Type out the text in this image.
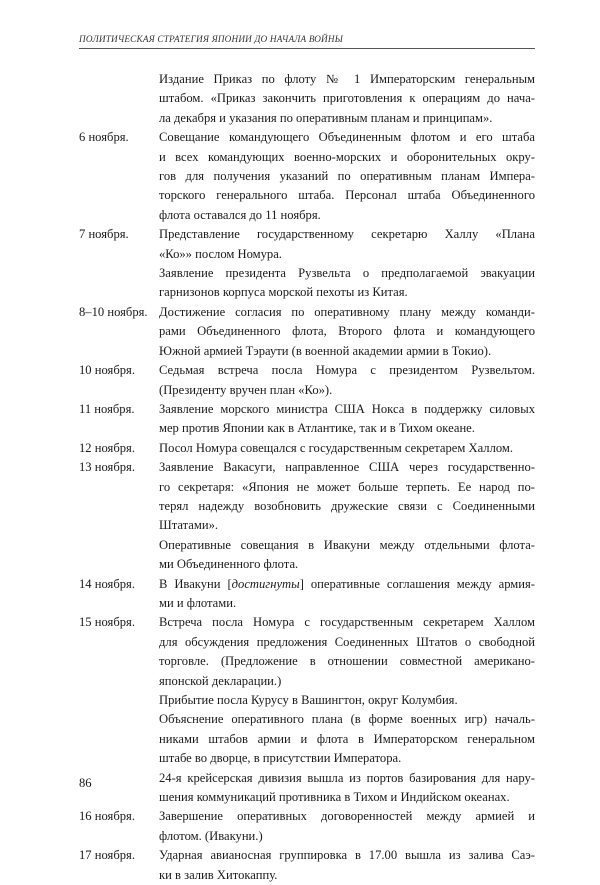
ПОЛИТИЧЕСКАЯ СТРАТЕГИЯ ЯПОНИИ ДО НАЧАЛА ВОЙНЫ
Издание Приказ по флоту № 1 Императорским генеральным
штабом. «Приказ закончить приготовления к операциям до нача-
ла декабря и указания по оперативным планам и принципам».
6 ноября.	Совещание командующего Объединенным флотом и его штаба
и всех командующих военно-морских и оборонительных окру-
гов для получения указаний по оперативным планам Импера-
торского генерального штаба. Персонал штаба Объединенного
флота оставался до 11 ноября.
7 ноября.	Представление государственному секретарю Халлу «Плана
«Ко»» послом Номура.
Заявление президента Рузвельта о предполагаемой эвакуации
гарнизонов корпуса морской пехоты из Китая.
8–10 ноября. Достижение согласия по оперативному плану между команди-
рами Объединенного флота, Второго флота и командующего
Южной армией Тэраути (в военной академии армии в Токио).
10 ноября.	Седьмая встреча посла Номура с президентом Рузвельтом.
(Президенту вручен план «Ко»).
11 ноября.	Заявление морского министра США Нокса в поддержку силовых
мер против Японии как в Атлантике, так и в Тихом океане.
12 ноября.	Посол Номура совещался с государственным секретарем Халлом.
13 ноября.	Заявление Вакасуги, направленное США через государственно-
го секретаря: «Япония не может больше терпеть. Ее народ по-
терял надежду возобновить дружеские связи с Соединенными
Штатами».
Оперативные совещания в Ивакуни между отдельными флота-
ми Объединенного флота.
14 ноября.	В Ивакуни [достигнуты] оперативные соглашения между армия-
ми и флотами.
15 ноября.	Встреча посла Номура с государственным секретарем Халлом
для обсуждения предложения Соединенных Штатов о свободной
торговле. (Предложение в отношении совместной американо-
японской декларации.)
Прибытие посла Курусу в Вашингтон, округ Колумбия.
Объяснение оперативного плана (в форме военных игр) началь-
никами штабов армии и флота в Императорском генеральном
штабе во дворце, в присутствии Императора.
24-я крейсерская дивизия вышла из портов базирования для нару-
шения коммуникаций противника в Тихом и Индийском океанах.
16 ноября.	Завершение оперативных договоренностей между армией и
флотом. (Ивакуни.)
17 ноября.	Ударная авианосная группировка в 17.00 вышла из залива Саэ-
ки в залив Хитокаппу.
86
